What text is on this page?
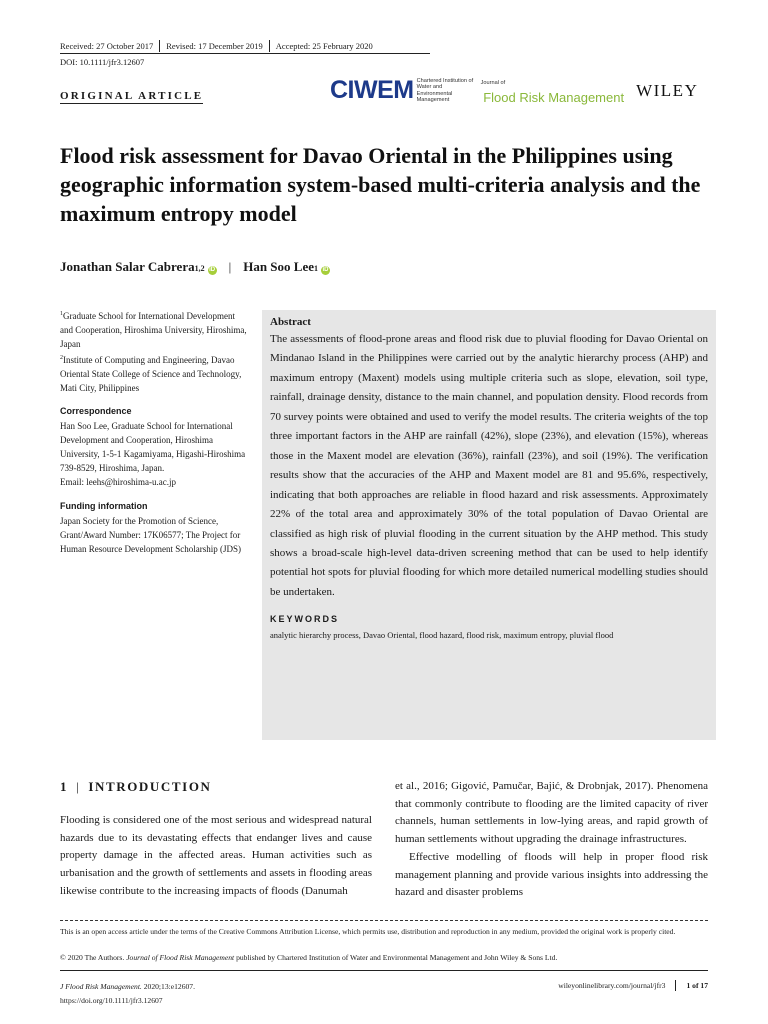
Received: 27 October 2017 Revised: 17 December 2019 Accepted: 25 February 2020
DOI: 10.1111/jfr3.12607
ORIGINAL ARTICLE	CIWEM Chartered Institution of Water and Environmental Management
Journal of
Flood Risk Management WILEY
Flood risk assessment for Davao Oriental in the Philippines using geographic information system-based multi-criteria analysis and the maximum entropy model
Jonathan Salar Cabrera 1,2 iD | Han Soo Lee 1 iD
$^1$Graduate School for International Development and Cooperation, Hiroshima University, Hiroshima, Japan
$^2$Institute of Computing and Engineering, Davao Oriental State College of Science and Technology, Mati City, Philippines
Correspondence
Han Soo Lee, Graduate School for International Development and Cooperation, Hiroshima University, 1-5-1 Kagamiyama, Higashi-Hiroshima 739-8529, Hiroshima, Japan.
Email: leehs@hiroshima-u.ac.jp
Funding information
Japan Society for the Promotion of Science, Grant/Award Number: 17K06577; The Project for Human Resource Development Scholarship (JDS)
Abstract
The assessments of flood-prone areas and flood risk due to pluvial flooding for Davao Oriental on Mindanao Island in the Philippines were carried out by the analytic hierarchy process (AHP) and maximum entropy (Maxent) models using multiple criteria such as slope, elevation, soil type, rainfall, drainage density, distance to the main channel, and population density. Flood records from 70 survey points were obtained and used to verify the model results. The criteria weights of the top three important factors in the AHP are rainfall (42%), slope (23%), and elevation (15%), whereas those in the Maxent model are elevation (36%), rainfall (23%), and soil (19%). The verification results show that the accuracies of the AHP and Maxent model are 81 and 95.6%, respectively, indicating that both approaches are reliable in flood hazard and risk assessments. Approximately 22% of the total area and approximately 30% of the total population of Davao Oriental are classified as high risk of pluvial flooding in the current situation by the AHP method. This study shows a broad-scale high-level data-driven screening method that can be used to help identify potential hot spots for pluvial flooding for which more detailed numerical modelling studies should be undertaken.
KEYWORDS
analytic hierarchy process, Davao Oriental, flood hazard, flood risk, maximum entropy, pluvial flood
1 | INTRODUCTION

Flooding is considered one of the most serious and widespread natural hazards due to its devastating effects that endanger lives and cause property damage in the affected areas. Human activities such as urbanisation and the growth of settlements and assets in flooding areas likewise contribute to the increasing impacts of floods (Danumah

et al., 2016; Gigović, Pamučar, Bajić, & Drobnjak, 2017). Phenomena that commonly contribute to flooding are the limited capacity of river channels, human settlements in low-lying areas, and rapid growth of human settlements without upgrading the drainage infrastructures.

Effective modelling of floods will help in proper flood risk management planning and provide various insights into addressing the hazard and disaster problems

This is an open access article under the terms of the Creative Commons Attribution License, which permits use, distribution and reproduction in any medium, provided the original work is properly cited.
© 2020 The Authors. Journal of Flood Risk Management published by Chartered Institution of Water and Environmental Management and John Wiley & Sons Ltd.
J Flood Risk Management. 2020;13:e12607.
https://doi.org/10.1111/jfr3.12607
wileyonlinelibrary.com/journal/jfr3	1 of 17
